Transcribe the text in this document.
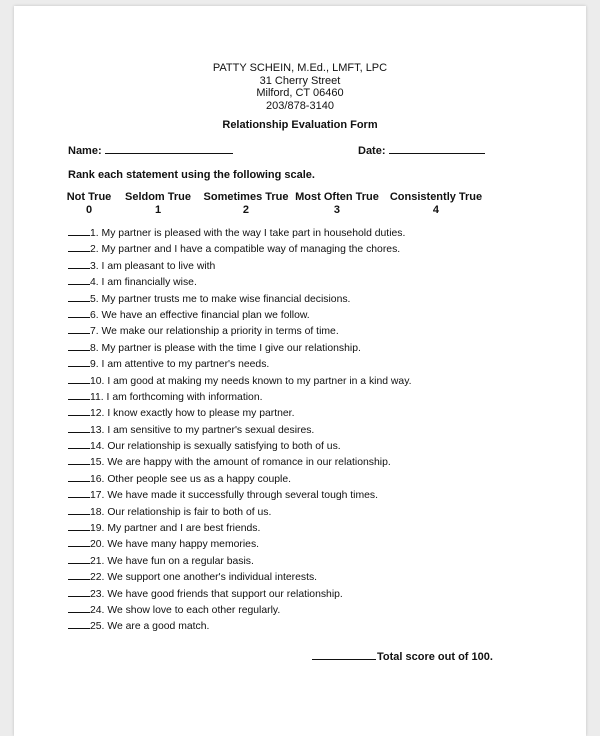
PATTY SCHEIN, M.Ed., LMFT, LPC
31 Cherry Street
Milford, CT 06460
203/878-3140
Relationship Evaluation Form
Name:	Date:
Rank each statement using the following scale.
Not True
0
Seldom True
1
Sometimes True
2
Most Often True
3
Consistently True
4
1. My partner is pleased with the way I take part in household duties.
2. My partner and I have a compatible way of managing the chores.
3. I am pleasant to live with
4. I am financially wise.
5. My partner trusts me to make wise financial decisions.
6. We have an effective financial plan we follow.
7. We make our relationship a priority in terms of time.
8. My partner is please with the time I give our relationship.
9. I am attentive to my partner's needs.
10. I am good at making my needs known to my partner in a kind way.
11. I am forthcoming with information.
12. I know exactly how to please my partner.
13. I am sensitive to my partner's sexual desires.
14. Our relationship is sexually satisfying to both of us.
15. We are happy with the amount of romance in our relationship.
16. Other people see us as a happy couple.
17. We have made it successfully through several tough times.
18. Our relationship is fair to both of us.
19. My partner and I are best friends.
20. We have many happy memories.
21. We have fun on a regular basis.
22. We support one another's individual interests.
23. We have good friends that support our relationship.
24. We show love to each other regularly.
25. We are a good match.
Total score out of 100.
